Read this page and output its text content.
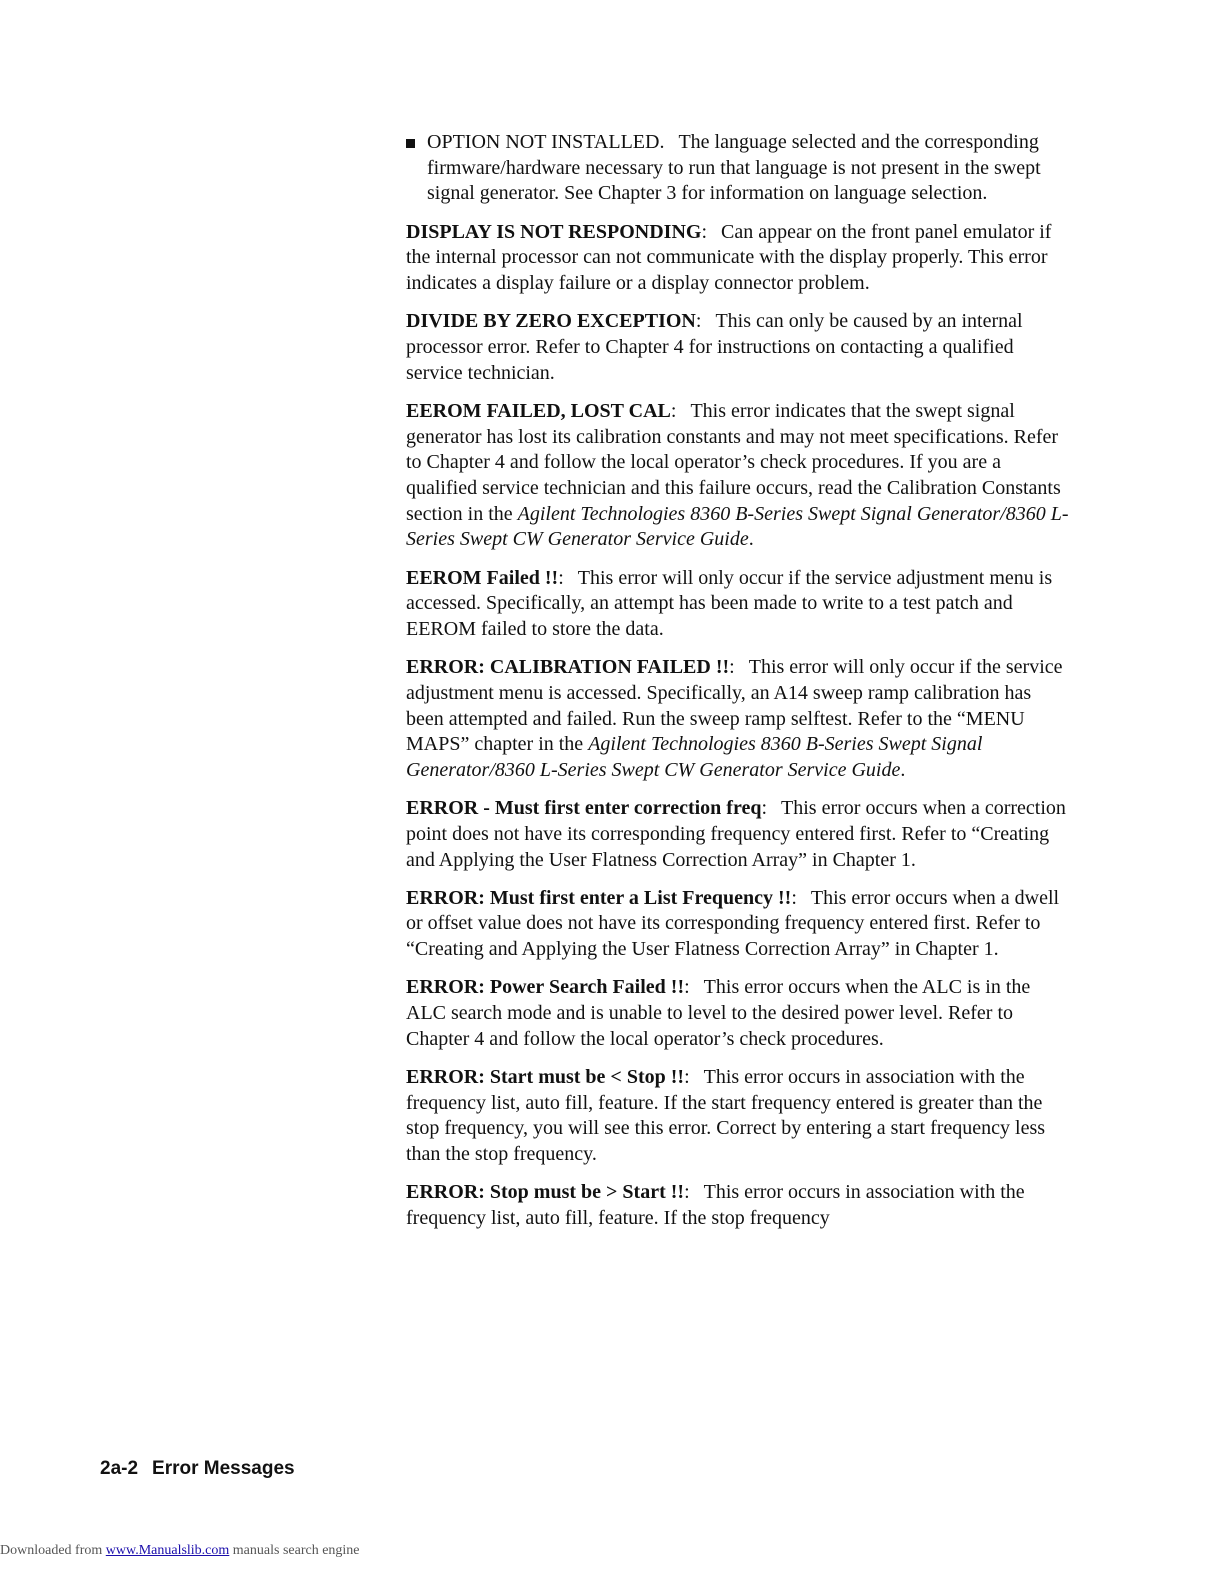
OPTION NOT INSTALLED. The language selected and the corresponding firmware/hardware necessary to run that language is not present in the swept signal generator. See Chapter 3 for information on language selection.

DISPLAY IS NOT RESPONDING: Can appear on the front panel emulator if the internal processor can not communicate with the display properly. This error indicates a display failure or a display connector problem.

DIVIDE BY ZERO EXCEPTION: This can only be caused by an internal processor error. Refer to Chapter 4 for instructions on contacting a qualified service technician.

EEROM FAILED, LOST CAL: This error indicates that the swept signal generator has lost its calibration constants and may not meet specifications. Refer to Chapter 4 and follow the local operator’s check procedures. If you are a qualified service technician and this failure occurs, read the Calibration Constants section in the Agilent Technologies 8360 B-Series Swept Signal Generator/8360 L-Series Swept CW Generator Service Guide.

EEROM Failed !!: This error will only occur if the service adjustment menu is accessed. Specifically, an attempt has been made to write to a test patch and EEROM failed to store the data.

ERROR: CALIBRATION FAILED !!: This error will only occur if the service adjustment menu is accessed. Specifically, an A14 sweep ramp calibration has been attempted and failed. Run the sweep ramp selftest. Refer to the “MENU MAPS” chapter in the Agilent Technologies 8360 B-Series Swept Signal Generator/8360 L-Series Swept CW Generator Service Guide.

ERROR - Must first enter correction freq: This error occurs when a correction point does not have its corresponding frequency entered first. Refer to “Creating and Applying the User Flatness Correction Array” in Chapter 1.

ERROR: Must first enter a List Frequency !!: This error occurs when a dwell or offset value does not have its corresponding frequency entered first. Refer to “Creating and Applying the User Flatness Correction Array” in Chapter 1.

ERROR: Power Search Failed !!: This error occurs when the ALC is in the ALC search mode and is unable to level to the desired power level. Refer to Chapter 4 and follow the local operator’s check procedures.

ERROR: Start must be < Stop !!: This error occurs in association with the frequency list, auto fill, feature. If the start frequency entered is greater than the stop frequency, you will see this error. Correct by entering a start frequency less than the stop frequency.

ERROR: Stop must be > Start !!: This error occurs in association with the frequency list, auto fill, feature. If the stop frequency

2a-2 Error Messages
Downloaded from www.Manualslib.com manuals search engine
